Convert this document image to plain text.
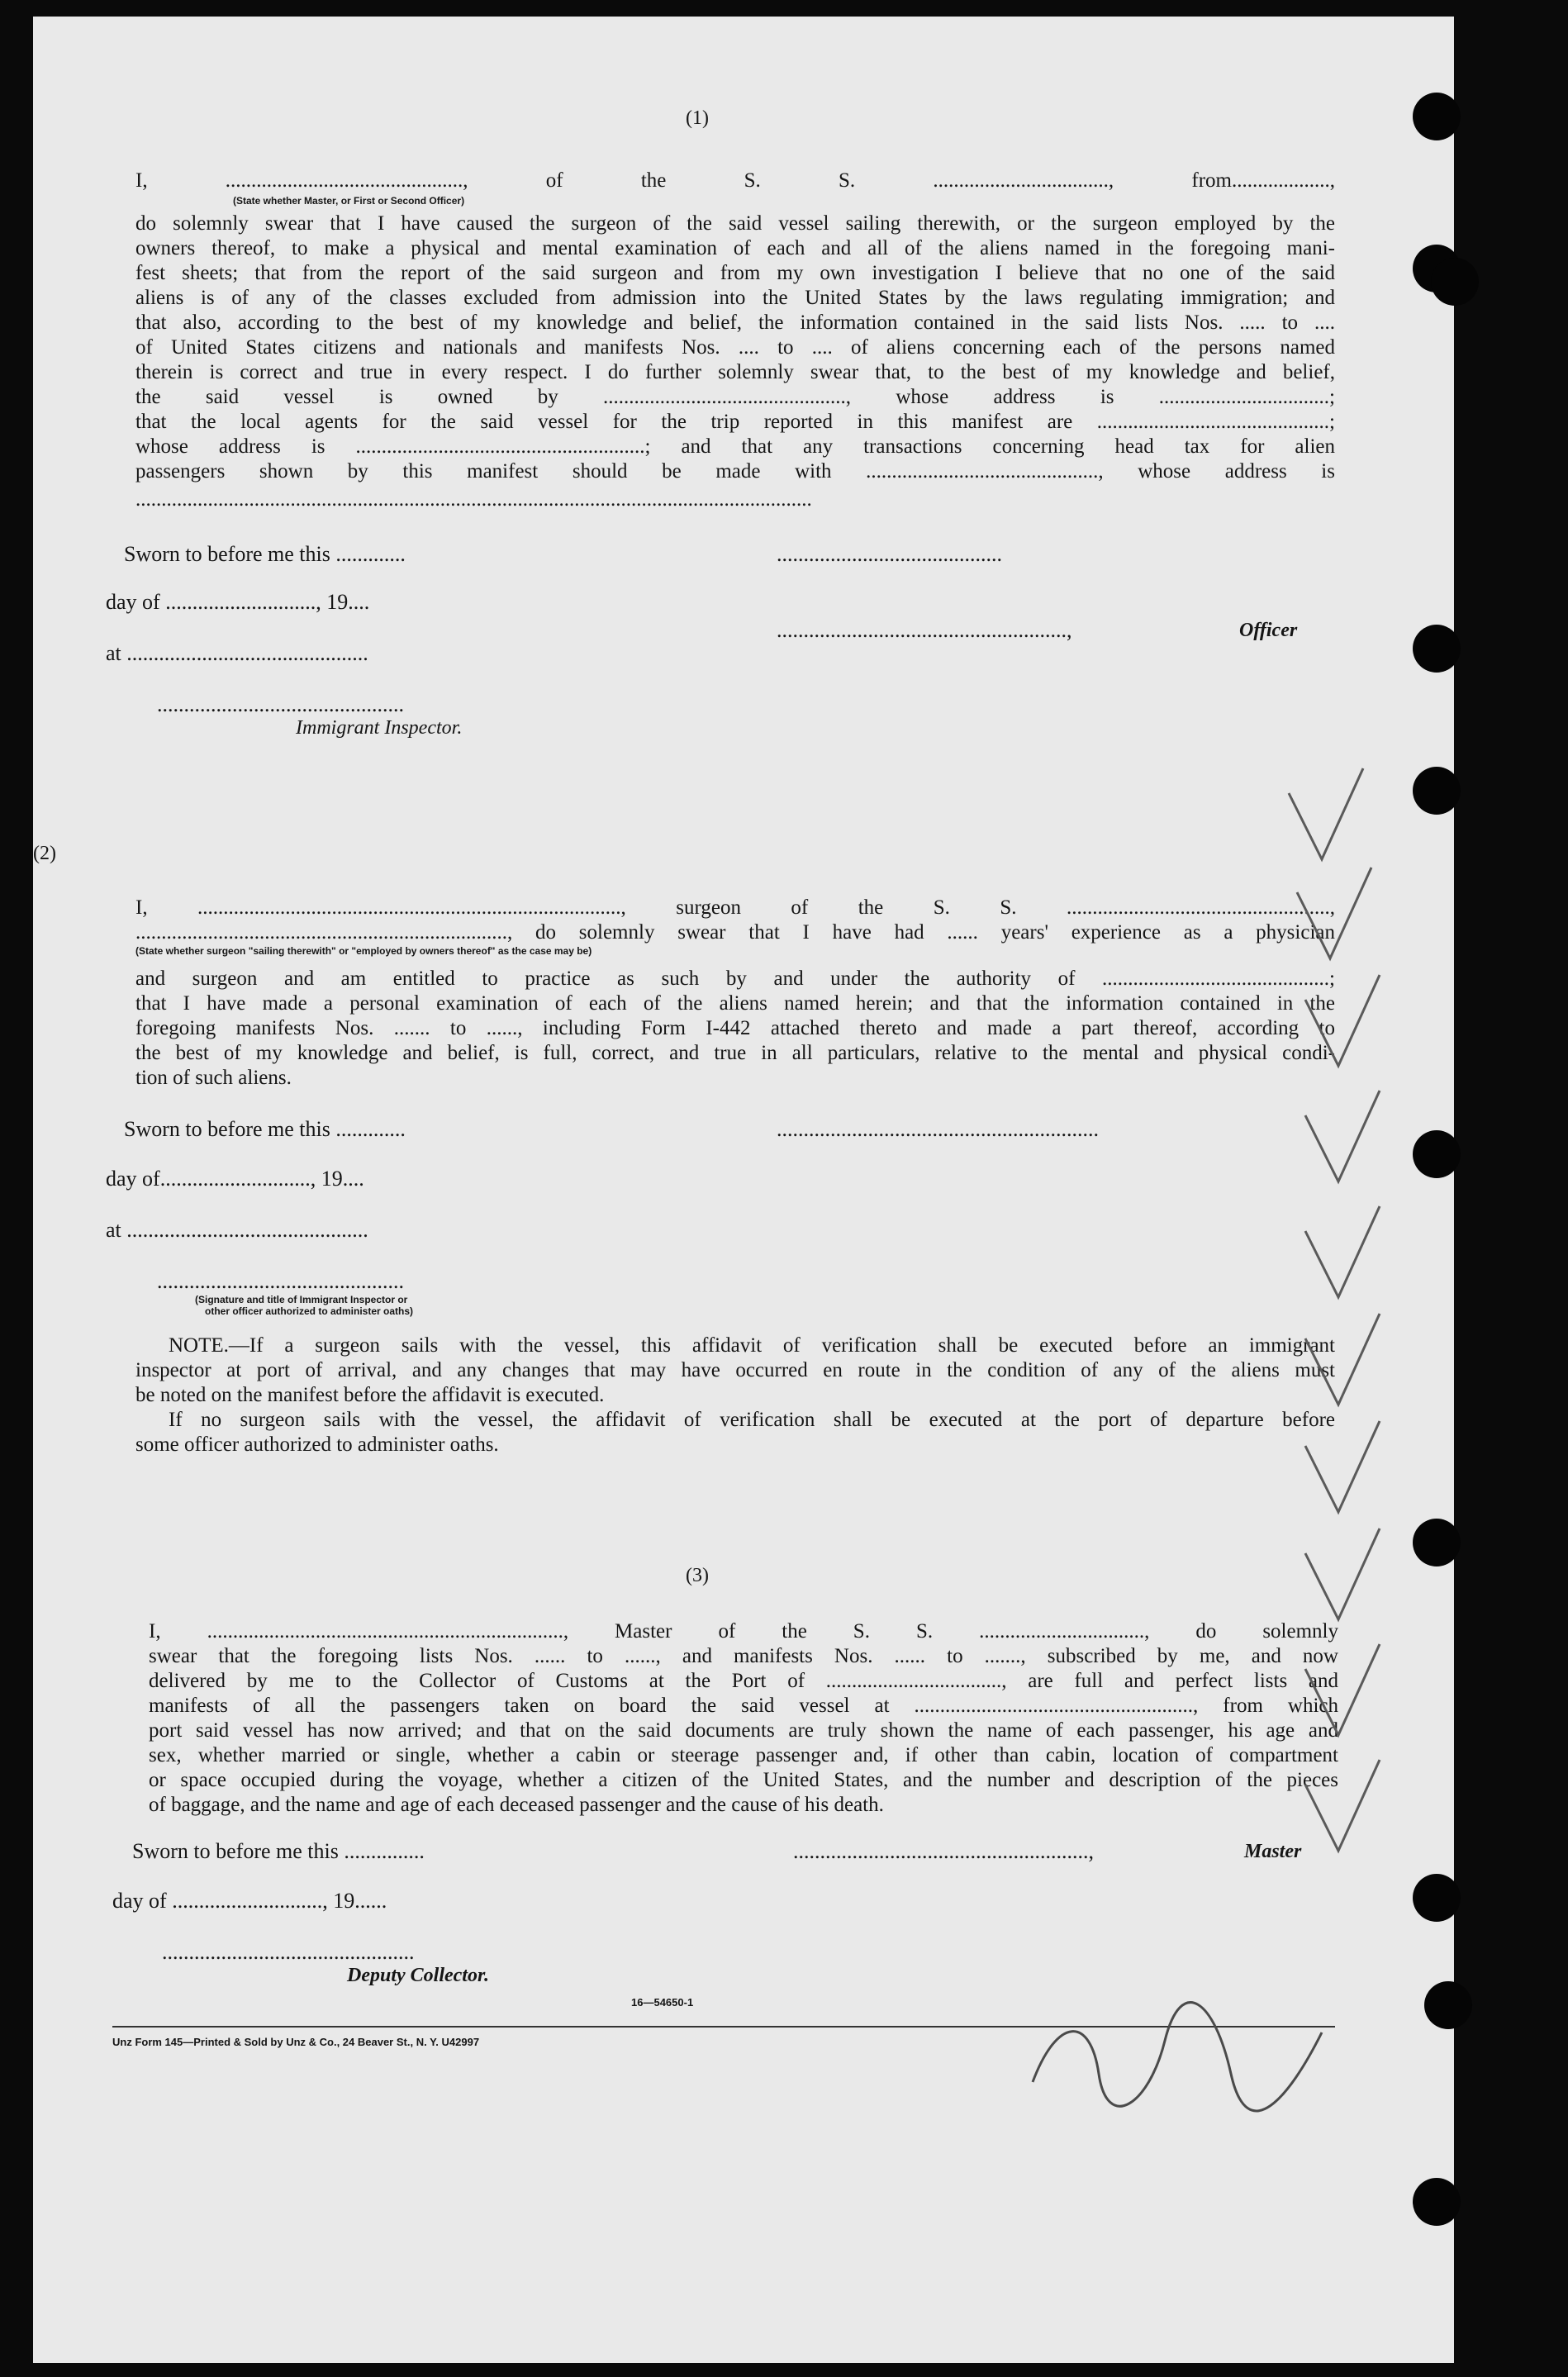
(1)
I, .............................................., of the S. S. .................................., from...................,
(State whether Master, or First or Second Officer)
do solemnly swear that I have caused the surgeon of the said vessel sailing therewith, or the surgeon employed by the
owners thereof, to make a physical and mental examination of each and all of the aliens named in the foregoing mani-
fest sheets; that from the report of the said surgeon and from my own investigation I believe that no one of the said
aliens is of any of the classes excluded from admission into the United States by the laws regulating immigration; and
that also, according to the best of my knowledge and belief, the information contained in the said lists Nos. ..... to ....
of United States citizens and nationals and manifests Nos. .... to .... of aliens concerning each of the persons named
therein is correct and true in every respect. I do further solemnly swear that, to the best of my knowledge and belief,
the said vessel is owned by ..............................................., whose address is .................................;
that the local agents for the said vessel for the trip reported in this manifest are .............................................;
whose address is ........................................................; and that any transactions concerning head tax for alien
passengers shown by this manifest should be made with ............................................., whose address is
...................................................................................................................................
Sworn to before me this .............
day of ............................, 19....
at .............................................
..............................................
Immigrant Inspector.
..........................................
......................................................,	Officer
(2)
I, .................................................................................., surgeon of the S. S. ...................................................,
........................................................................, do solemnly swear that I have had ...... years' experience as a physician
(State whether surgeon "sailing therewith" or "employed by owners thereof" as the case may be)
and surgeon and am entitled to practice as such by and under the authority of ............................................;
that I have made a personal examination of each of the aliens named herein; and that the information contained in the
foregoing manifests Nos. ....... to ......, including Form I-442 attached thereto and made a part thereof, according to
the best of my knowledge and belief, is full, correct, and true in all particulars, relative to the mental and physical condi-
tion of such aliens.
Sworn to before me this .............
day of............................, 19....
at .............................................
..............................................
(Signature and title of Immigrant Inspector or
other officer authorized to administer oaths)
............................................................
NOTE.—If a surgeon sails with the vessel, this affidavit of verification shall be executed before an immigrant
inspector at port of arrival, and any changes that may have occurred en route in the condition of any of the aliens must
be noted on the manifest before the affidavit is executed.
If no surgeon sails with the vessel, the affidavit of verification shall be executed at the port of departure before
some officer authorized to administer oaths.
(3)
I, ....................................................................., Master of the S. S. ................................, do solemnly
swear that the foregoing lists Nos. ...... to ......, and manifests Nos. ...... to ......., subscribed by me, and now
delivered by me to the Collector of Customs at the Port of .................................., are full and perfect lists and
manifests of all the passengers taken on board the said vessel at ......................................................, from which
port said vessel has now arrived; and that on the said documents are truly shown the name of each passenger, his age and
sex, whether married or single, whether a cabin or steerage passenger and, if other than cabin, location of compartment
or space occupied during the voyage, whether a citizen of the United States, and the number and description of the pieces
of baggage, and the name and age of each deceased passenger and the cause of his death.
Sworn to before me this ...............
day of ............................, 19......
...............................................
Deputy Collector.
.......................................................,	Master
16—54650-1
Unz Form 145—Printed & Sold by Unz & Co., 24 Beaver St., N. Y. U42997
